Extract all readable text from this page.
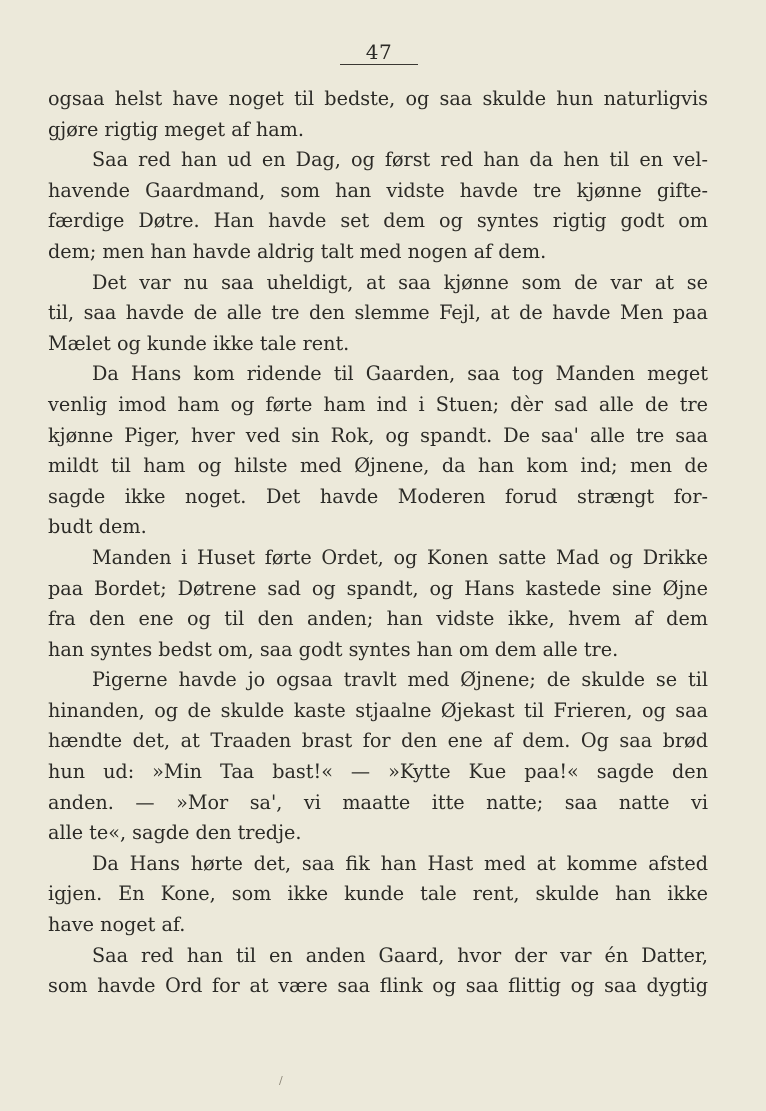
47
ogsaa helst have noget til bedste, og saa skulde hun naturligvis
gjøre rigtig meget af ham.
Saa red han ud en Dag, og først red han da hen til en vel-
havende Gaardmand, som han vidste havde tre kjønne gifte-
færdige Døtre. Han havde set dem og syntes rigtig godt om
dem; men han havde aldrig talt med nogen af dem.
Det var nu saa uheldigt, at saa kjønne som de var at se
til, saa havde de alle tre den slemme Fejl, at de havde Men paa
Mælet og kunde ikke tale rent.
Da Hans kom ridende til Gaarden, saa tog Manden meget
venlig imod ham og førte ham ind i Stuen; dèr sad alle de tre
kjønne Piger, hver ved sin Rok, og spandt. De saa' alle tre saa
mildt til ham og hilste med Øjnene, da han kom ind; men de
sagde ikke noget. Det havde Moderen forud strængt for-
budt dem.
Manden i Huset førte Ordet, og Konen satte Mad og Drikke
paa Bordet; Døtrene sad og spandt, og Hans kastede sine Øjne
fra den ene og til den anden; han vidste ikke, hvem af dem
han syntes bedst om, saa godt syntes han om dem alle tre.
Pigerne havde jo ogsaa travlt med Øjnene; de skulde se til
hinanden, og de skulde kaste stjaalne Øjekast til Frieren, og saa
hændte det, at Traaden brast for den ene af dem. Og saa brød
hun ud: »Min Taa bast!« — »Kytte Kue paa!« sagde den
anden. — »Mor sa', vi maatte itte natte; saa natte vi
alle te«, sagde den tredje.
Da Hans hørte det, saa fik han Hast med at komme afsted
igjen. En Kone, som ikke kunde tale rent, skulde han ikke
have noget af.
Saa red han til en anden Gaard, hvor der var én Datter,
som havde Ord for at være saa flink og saa flittig og saa dygtig
∕
